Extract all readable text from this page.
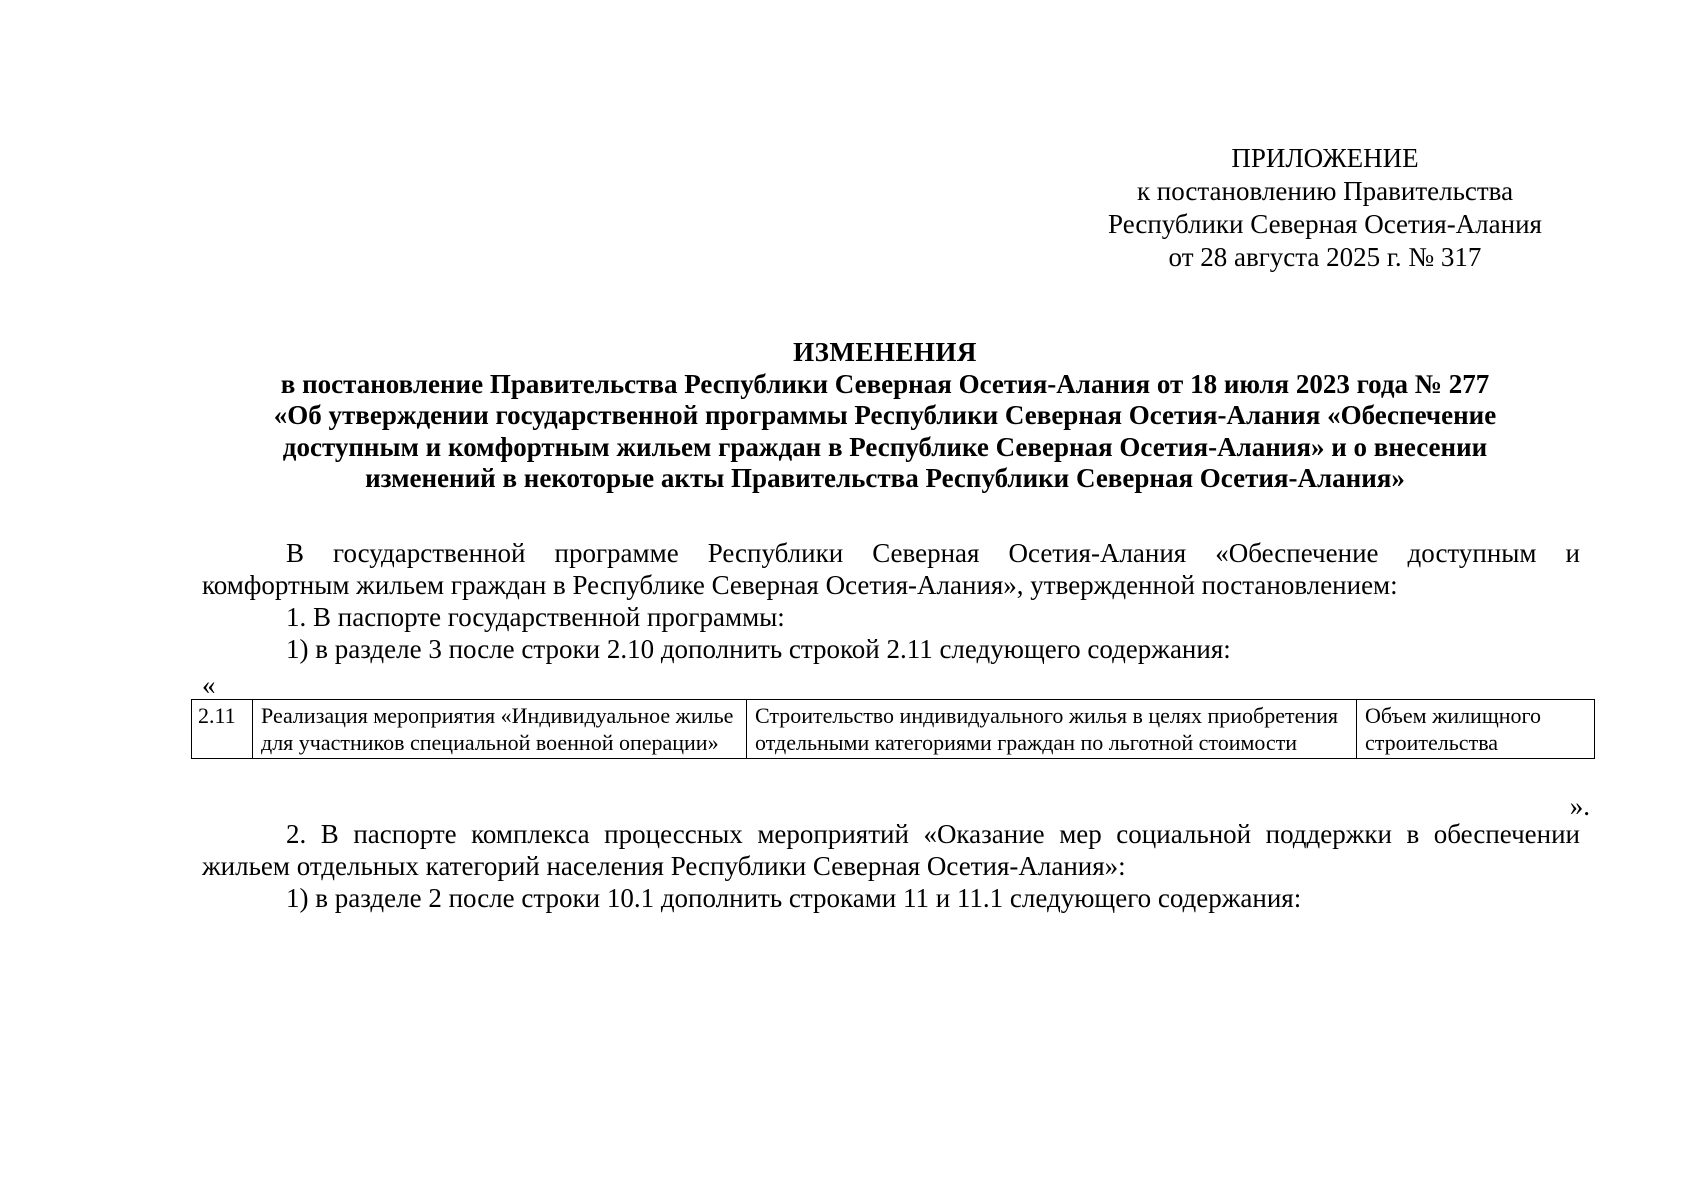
ПРИЛОЖЕНИЕ
к постановлению Правительства
Республики Северная Осетия-Алания
от 28 августа 2025 г. № 317
ИЗМЕНЕНИЯ
в постановление Правительства Республики Северная Осетия-Алания от 18 июля 2023 года № 277
«Об утверждении государственной программы Республики Северная Осетия-Алания «Обеспечение
доступным и комфортным жильем граждан в Республике Северная Осетия-Алания» и о внесении
изменений в некоторые акты Правительства Республики Северная Осетия-Алания»
В государственной программе Республики Северная Осетия-Алания «Обеспечение доступным и
комфортным жильем граждан в Республике Северная Осетия-Алания», утвержденной постановлением:
1. В паспорте государственной программы:
1) в разделе 3 после строки 2.10 дополнить строкой 2.11 следующего содержания:
«
2.11	Реализация мероприятия «Индивидуальное жилье для участников специальной военной операции»	Строительство индивидуального жилья в целях приобретения отдельными категориями граждан по льготной стоимости	Объем жилищного строительства
».
2. В паспорте комплекса процессных мероприятий «Оказание мер социальной поддержки в обеспечении
жильем отдельных категорий населения Республики Северная Осетия-Алания»:
1) в разделе 2 после строки 10.1 дополнить строками 11 и 11.1 следующего содержания:
